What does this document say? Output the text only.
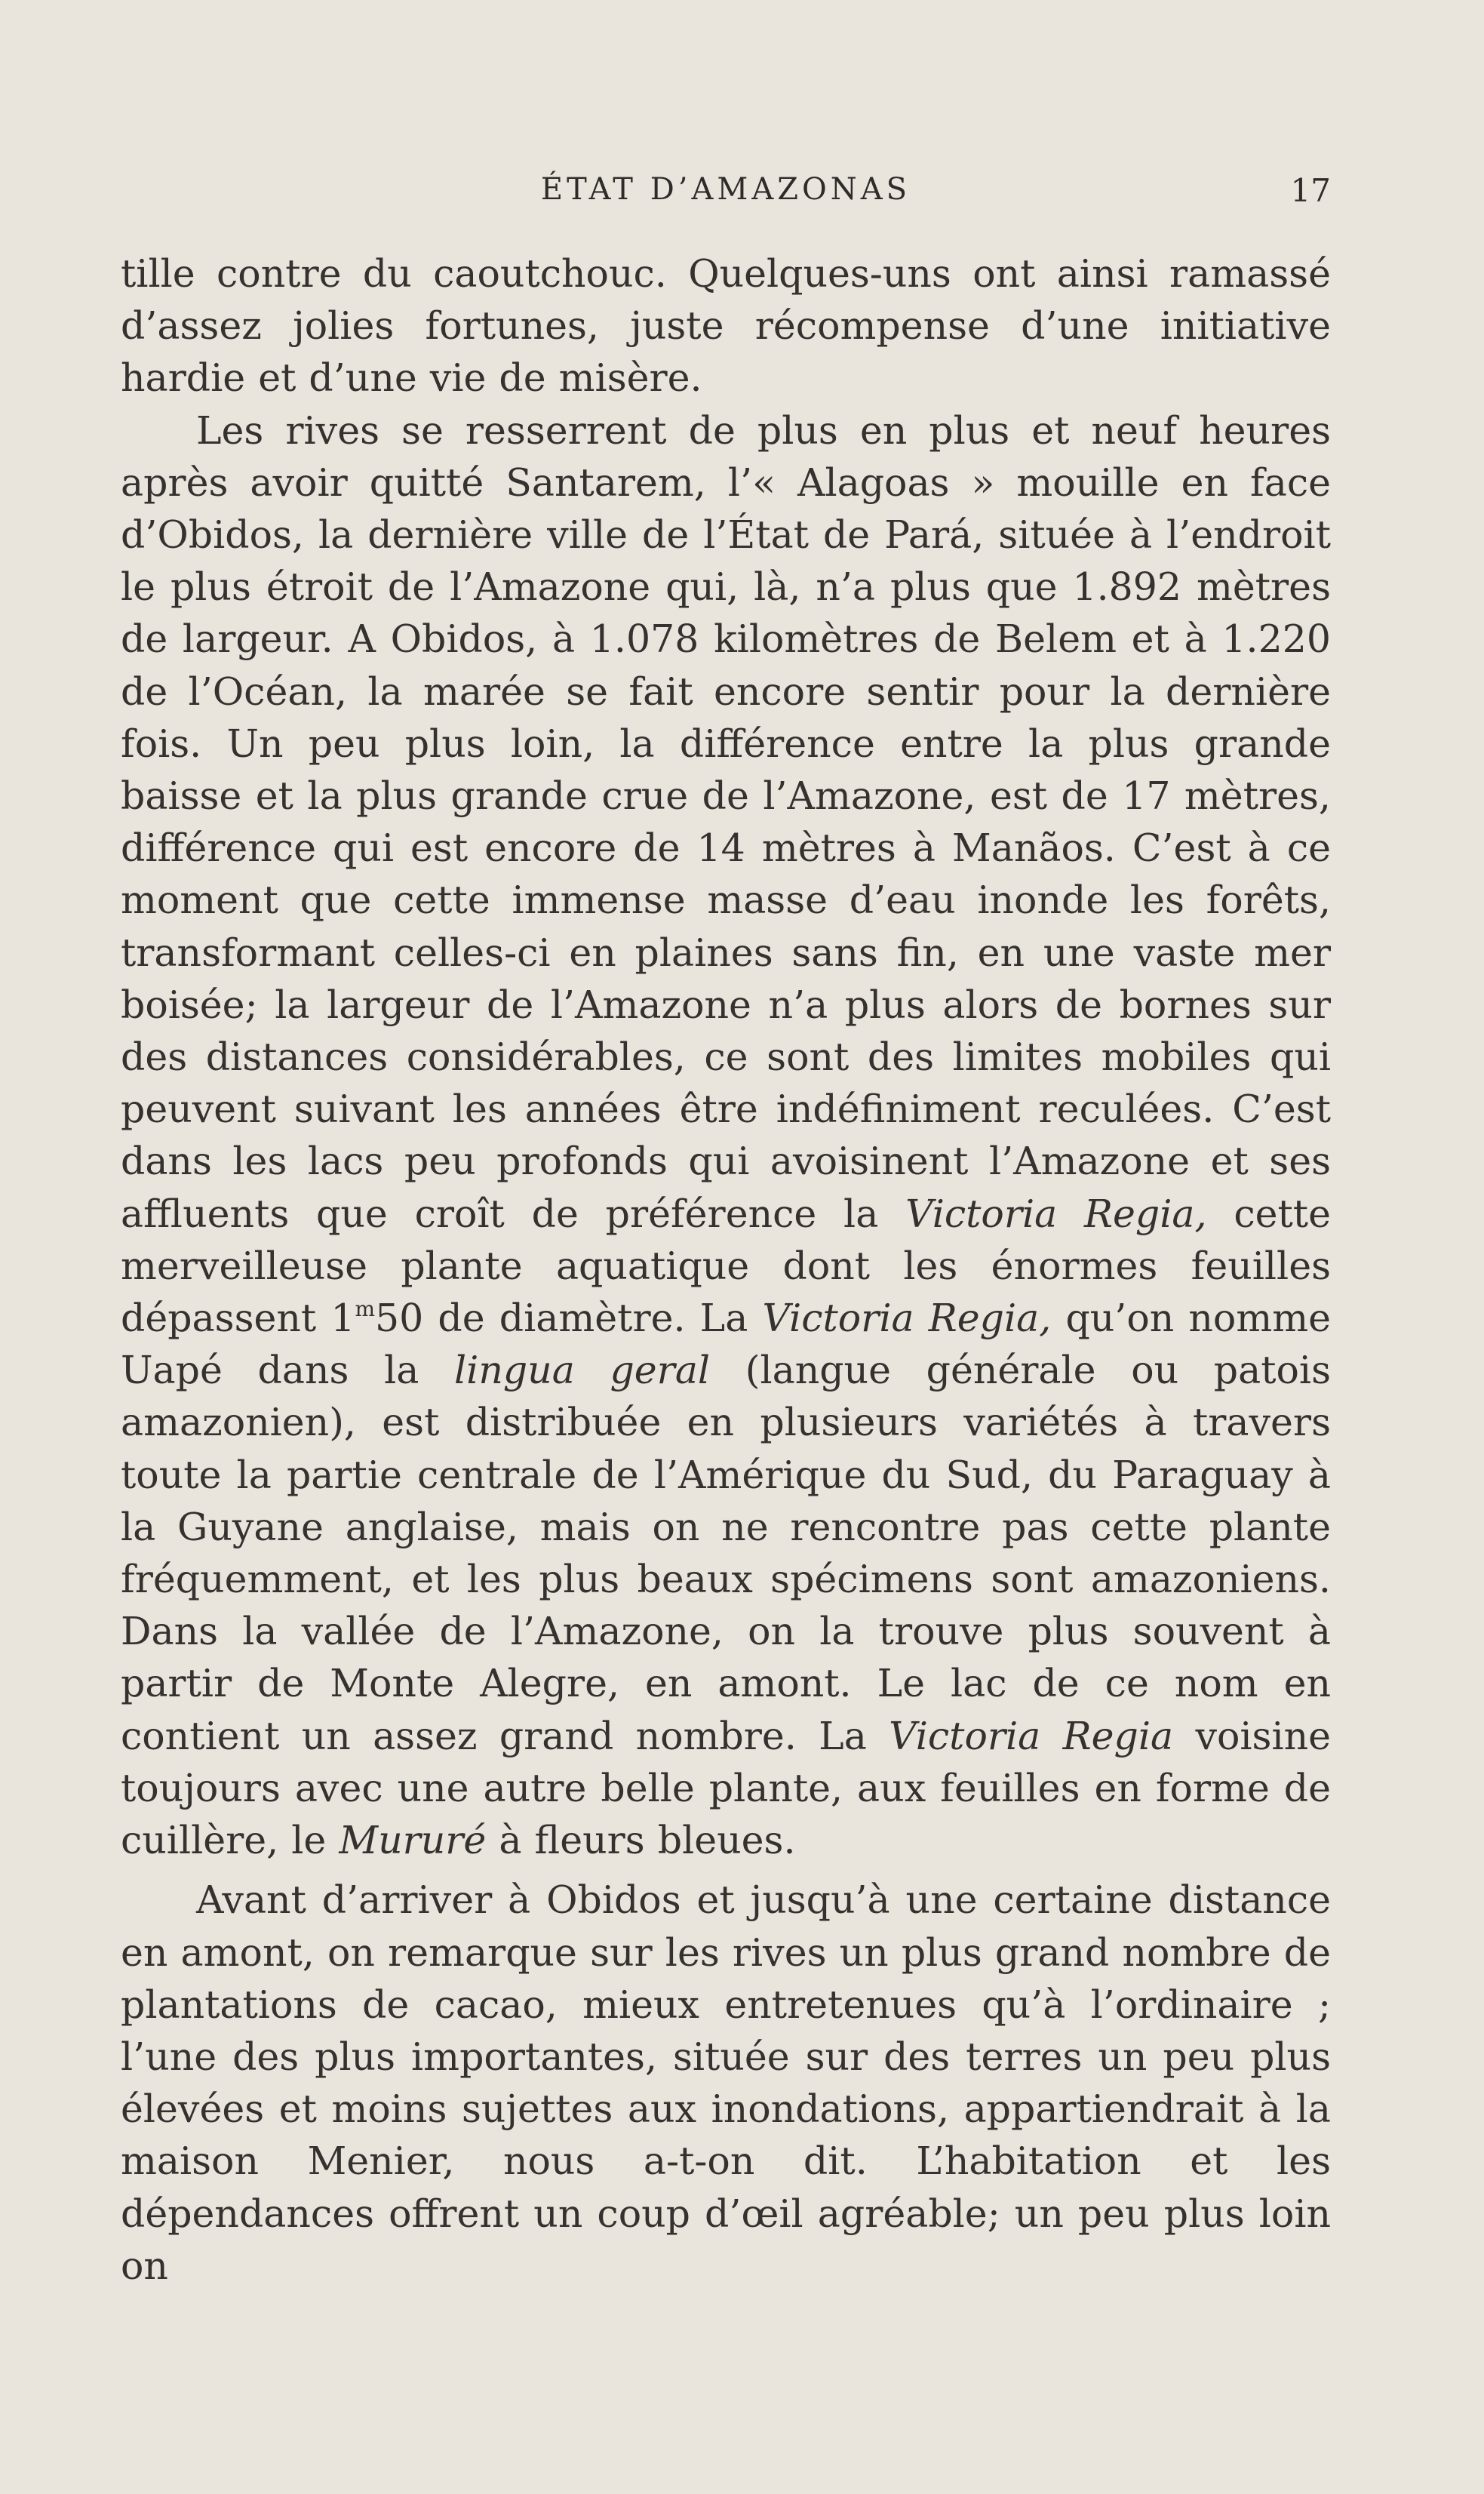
ÉTAT D’AMAZONAS	17

tille contre du caoutchouc. Quelques-uns ont ainsi ramassé d’assez jolies fortunes, juste récompense d’une initiative hardie et d’une vie de misère.

Les rives se resserrent de plus en plus et neuf heures après avoir quitté Santarem, l’« Alagoas » mouille en face d’Obidos, la dernière ville de l’État de Pará, située à l’endroit le plus étroit de l’Amazone qui, là, n’a plus que 1.892 mètres de largeur. A Obidos, à 1.078 kilomètres de Belem et à 1.220 de l’Océan, la marée se fait encore sentir pour la dernière fois. Un peu plus loin, la différence entre la plus grande baisse et la plus grande crue de l’Amazone, est de 17 mètres, différence qui est encore de 14 mètres à Manãos. C’est à ce moment que cette immense masse d’eau inonde les forêts, transformant celles-ci en plaines sans fin, en une vaste mer boisée; la largeur de l’Amazone n’a plus alors de bornes sur des distances considérables, ce sont des limites mobiles qui peuvent suivant les années être indéfiniment reculées. C’est dans les lacs peu profonds qui avoisinent l’Amazone et ses affluents que croît de préférence la Victoria Regia, cette merveilleuse plante aquatique dont les énormes feuilles dépassent 1$^m$50 de diamètre. La Victoria Regia, qu’on nomme Uapé dans la lingua geral (langue générale ou patois amazonien), est distribuée en plusieurs variétés à travers toute la partie centrale de l’Amérique du Sud, du Paraguay à la Guyane anglaise, mais on ne rencontre pas cette plante fréquemment, et les plus beaux spécimens sont amazoniens. Dans la vallée de l’Amazone, on la trouve plus souvent à partir de Monte Alegre, en amont. Le lac de ce nom en contient un assez grand nombre. La Victoria Regia voisine toujours avec une autre belle plante, aux feuilles en forme de cuillère, le Mururé à fleurs bleues.

Avant d’arriver à Obidos et jusqu’à une certaine distance en amont, on remarque sur les rives un plus grand nombre de plantations de cacao, mieux entretenues qu’à l’ordinaire ; l’une des plus importantes, située sur des terres un peu plus élevées et moins sujettes aux inondations, appartiendrait à la maison Menier, nous a-t-on dit. L’habitation et les dépendances offrent un coup d’œil agréable; un peu plus loin on
